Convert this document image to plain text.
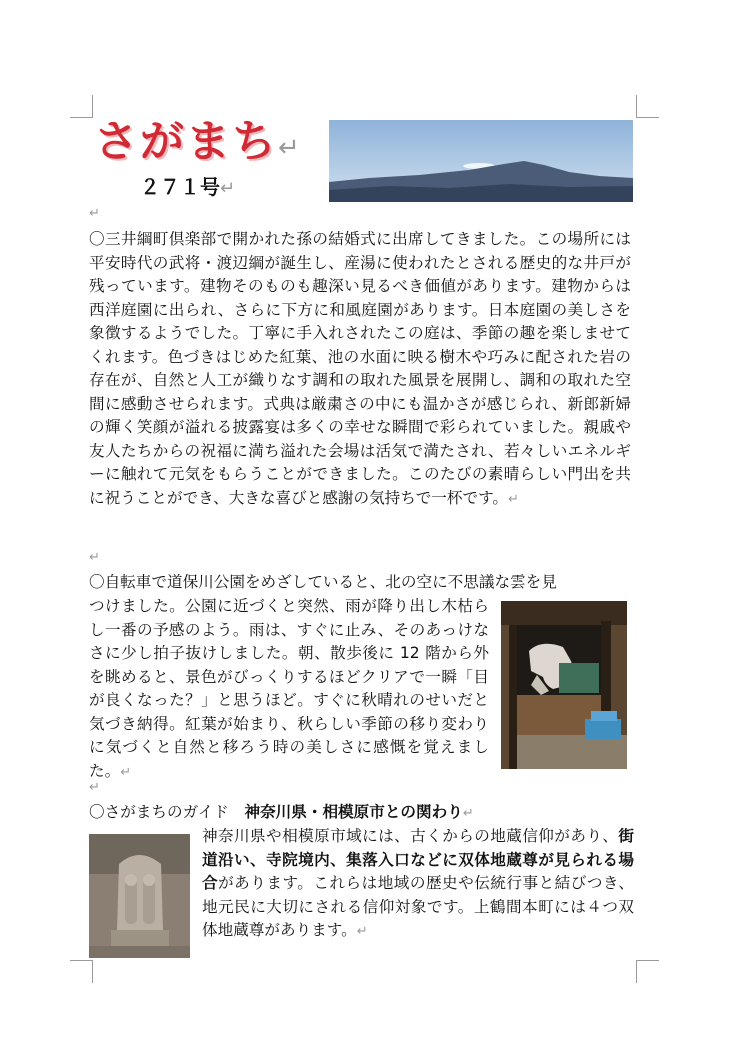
さがまち↵
２７１号↵
↵

〇三井綱町倶楽部で開かれた孫の結婚式に出席してきました。この場所には平安時代の武将・渡辺綱が誕生し、産湯に使われたとされる歴史的な井戸が残っています。建物そのものも趣深い見るべき価値があります。建物からは西洋庭園に出られ、さらに下方に和風庭園があります。日本庭園の美しさを象徴するようでした。丁寧に手入れされたこの庭は、季節の趣を楽しませてくれます。色づきはじめた紅葉、池の水面に映る樹木や巧みに配された岩の存在が、自然と人工が織りなす調和の取れた風景を展開し、調和の取れた空間に感動させられます。式典は厳粛さの中にも温かさが感じられ、新郎新婦の輝く笑顔が溢れる披露宴は多くの幸せな瞬間で彩られていました。親戚や友人たちからの祝福に満ち溢れた会場は活気で満たされ、若々しいエネルギーに触れて元気をもらうことができました。このたびの素晴らしい門出を共に祝うことができ、大きな喜びと感謝の気持ちで一杯です。↵

↵
〇自転車で道保川公園をめざしていると、北の空に不思議な雲を見

つけました。公園に近づくと突然、雨が降り出し木枯らし一番の予感のよう。雨は、すぐに止み、そのあっけなさに少し拍子抜けしました。朝、散歩後に 12 階から外を眺めると、景色がびっくりするほどクリアで一瞬「目が良くなった？」と思うほど。すぐに秋晴れのせいだと気づき納得。紅葉が始まり、秋らしい季節の移り変わりに気づくと自然と移ろう時の美しさに感慨を覚えました。↵

↵
〇さがまちのガイド　神奈川県・相模原市との関わり↵

神奈川県や相模原市域には、古くからの地蔵信仰があり、街道沿い、寺院境内、集落入口などに双体地蔵尊が見られる場合があります。これらは地域の歴史や伝統行事と結びつき、地元民に大切にされる信仰対象です。上鶴間本町には４つ双体地蔵尊があります。↵
